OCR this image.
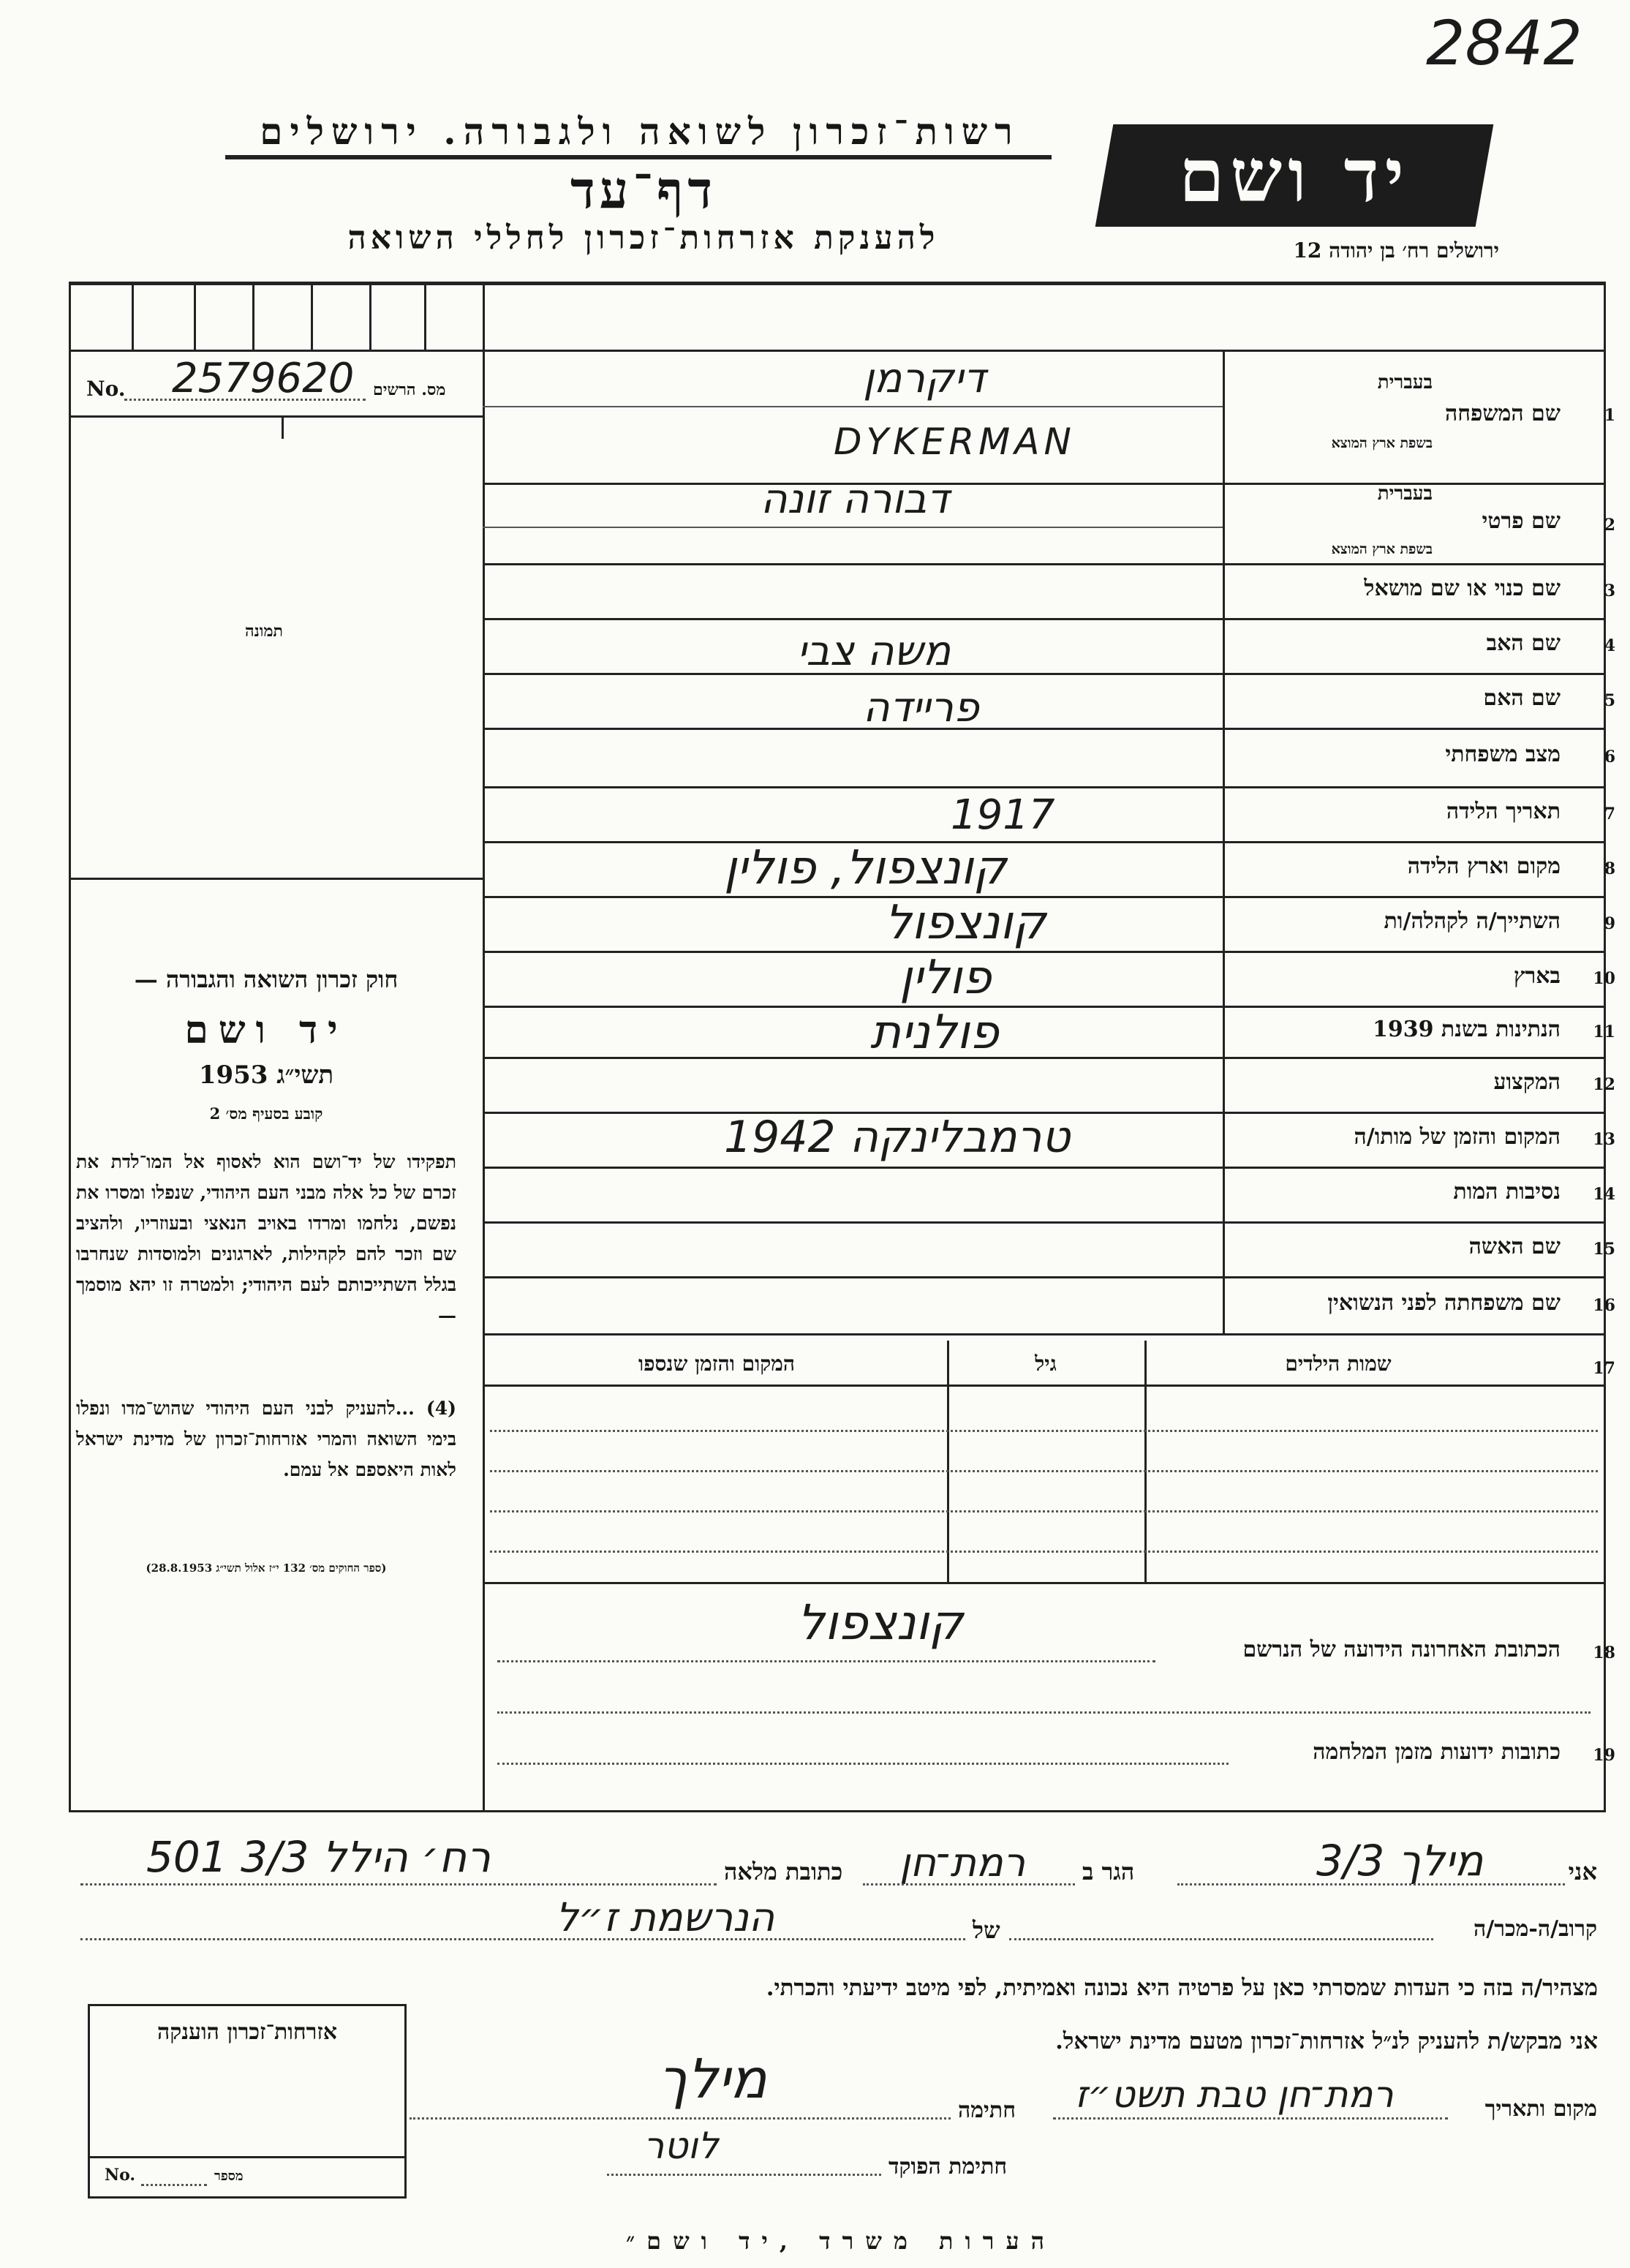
2842
רשות־זכרון לשואה ולגבורה. ירושלים
דף־עד
להענקת אזרחות־זכרון לחללי השואה
יד ושם
ירושלים רח׳ בן יהודה 12
No. 2579620 מס. הרשים
תמונה
חוק זכרון השואה והגבורה —
יד ושם
תשי״ג 1953
קובע בסעיף מס׳ 2
תפקידו של יד־ושם הוא לאסוף אל המו־לדת את זכרם של כל אלה מבני העם היהודי, שנפלו ומסרו את נפשם, נלחמו ומרדו באויב הנאצי ובעוזריו, ולהציב שם וזכר להם לקהילות, לארגונים ולמוסדות שנחרבו בגלל השתייכותם לעם היהודי; ולמטרה זו יהא מוסמך —
(4) ...להעניק לבני העם היהודי שהוש־מדו ונפלו בימי השואה והמרי אזרחות־זכרון של מדינת ישראל לאות היאספם אל עמם.
(ספר החוקים מס׳ 132 י״ז אלול תשי״ג 28.8.1953)
1
שם המשפחה
בעברית
בשפת ארץ המוצא
דיקרמן
DYKERMAN
2
שם פרטי
בעברית
בשפת ארץ המוצא
דבורה זונה
3
שם כנוי או שם מושאל
4
שם האב
משה צבי
5
שם האם
פריידה
6
מצב משפחתי
7
תאריך הלידה
1917
8
מקום וארץ הלידה
קונצפול, פולין
9
השתייך/ה לקהלה/ות
קונצפול
10
בארץ
פולין
11
הנתינות בשנת 1939
פולנית
12
המקצוע
13
המקום והזמן של מותו/ה
טרמבלינקה 1942
14
נסיבות המות
15
שם האשה
16
שם משפחתה לפני הנשואין
17
שמות הילדים
גיל
המקום והזמן שנספו
18
הכתובת האחרונה הידועה של הנרשם
קונצפול
19
כתובות ידועות מזמן המלחמה
אני
מילך 3/3
הגר ב
רמת־חן
כתובת מלאה
רח׳ הילל 3/3 501
קרוב/ה-מכר/ה
של
הנרשמת ז״ל
מצהיר/ה בזה כי העדות שמסרתי כאן על פרטיה היא נכונה ואמיתית, לפי מיטב ידיעתי והכרתי.
אני מבקש/ת להעניק לנ״ל אזרחות־זכרון מטעם מדינת ישראל.
מקום ותאריך
רמת־חן טבת תשט״ז
חתימה
מילך
חתימת הפוקד
לוטר
אזרחות־זכרון הוענקה
No.	מספר
הערות משרד ,יד ושם״
